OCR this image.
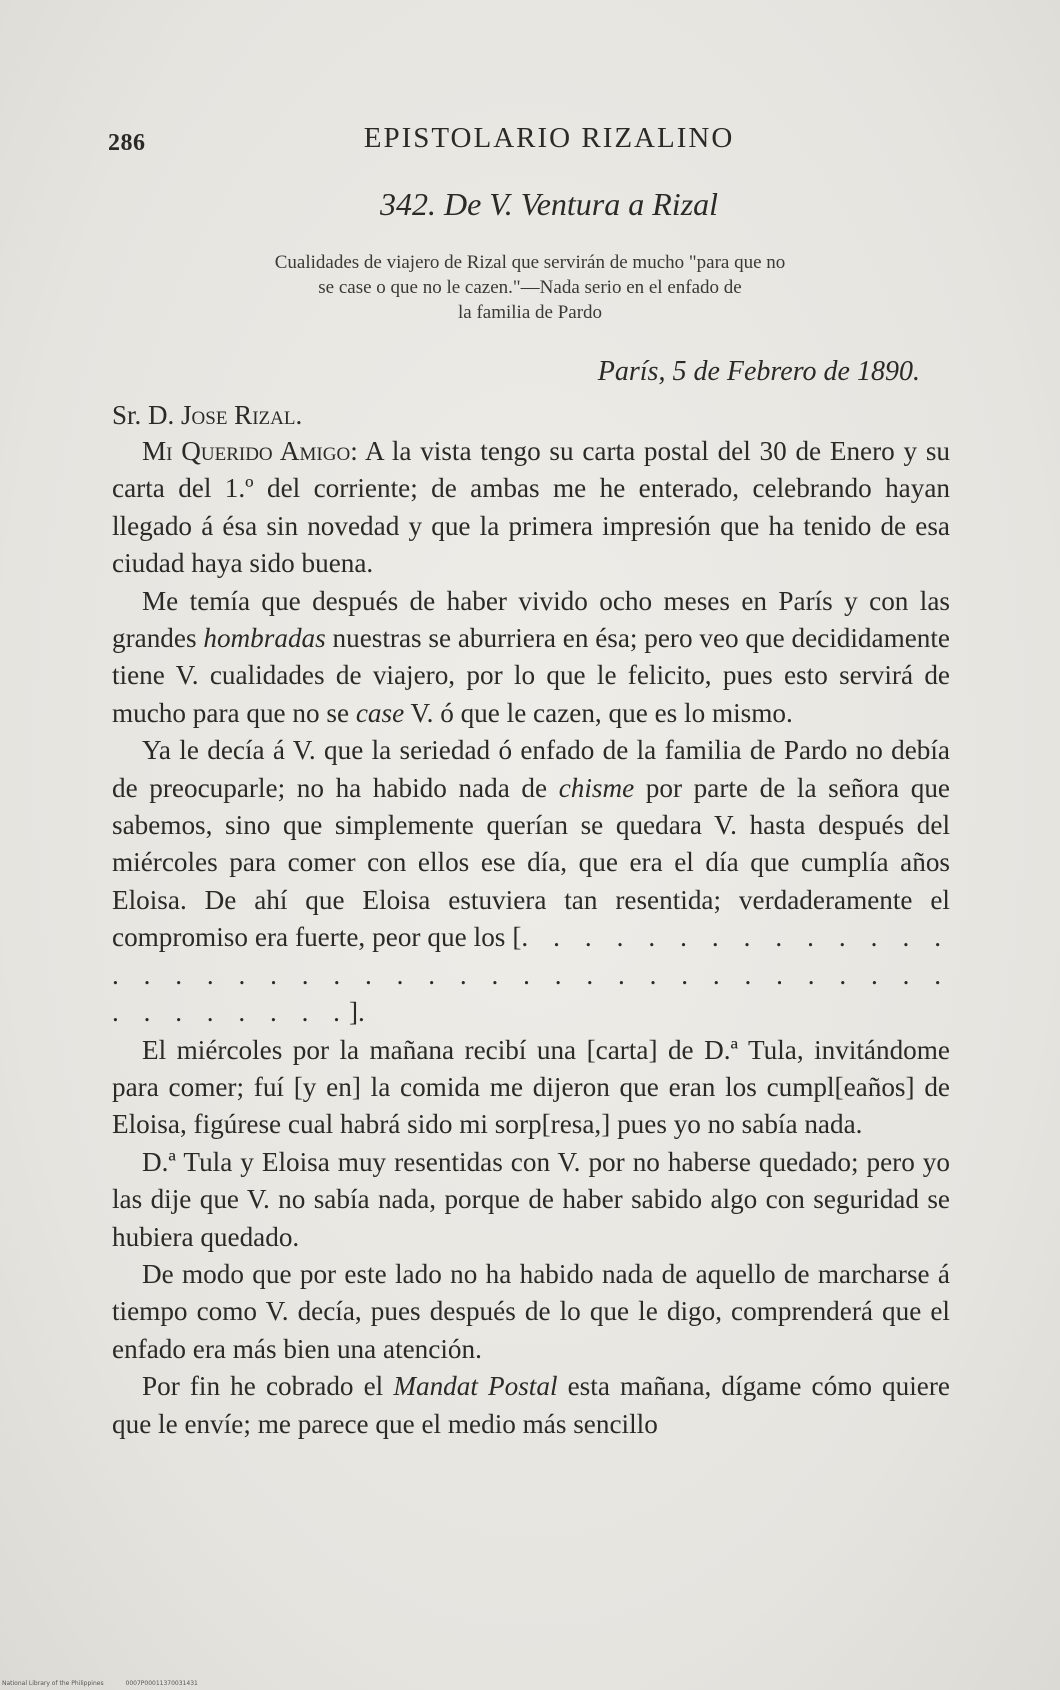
286	EPISTOLARIO RIZALINO
342. De V. Ventura a Rizal
Cualidades de viajero de Rizal que servirán de mucho "para que no
se case o que no le cazen."—Nada serio en el enfado de
la familia de Pardo
París, 5 de Febrero de 1890.
Sr. D. Jose Rizal.

Mi Querido Amigo: A la vista tengo su carta postal del 30 de Enero y su carta del 1.º del corriente; de ambas me he enterado, celebrando hayan llegado á ésa sin novedad y que la primera impresión que ha tenido de esa ciudad haya sido buena.

Me temía que después de haber vivido ocho meses en París y con las grandes hombradas nuestras se aburriera en ésa; pero veo que decididamente tiene V. cualidades de viajero, por lo que le felicito, pues esto servirá de mucho para que no se case V. ó que le cazen, que es lo mismo.

Ya le decía á V. que la seriedad ó enfado de la familia de Pardo no debía de preocuparle; no ha habido nada de chisme por parte de la señora que sabemos, sino que simplemente querían se quedara V. hasta después del miércoles para comer con ellos ese día, que era el día que cumplía años Eloisa. De ahí que Eloisa estuviera tan resentida; verdaderamente el compromiso era fuerte, peor que los [. . . . . . . . . . . . . . . . . . . . . . . . . . . . . . . . . . . . . . . . . . . . . . . . .].

El miércoles por la mañana recibí una [carta] de D.ª Tula, invitándome para comer; fuí [y en] la comida me dijeron que eran los cumpl[eaños] de Eloisa, figúrese cual habrá sido mi sorp[resa,] pues yo no sabía nada.

D.ª Tula y Eloisa muy resentidas con V. por no haberse quedado; pero yo las dije que V. no sabía nada, porque de haber sabido algo con seguridad se hubiera quedado.

De modo que por este lado no ha habido nada de aquello de marcharse á tiempo como V. decía, pues después de lo que le digo, comprenderá que el enfado era más bien una atención.

Por fin he cobrado el Mandat Postal esta mañana, dígame cómo quiere que le envíe; me parece que el medio más sencillo

National Library of the Philippines	0007P00011370031431
